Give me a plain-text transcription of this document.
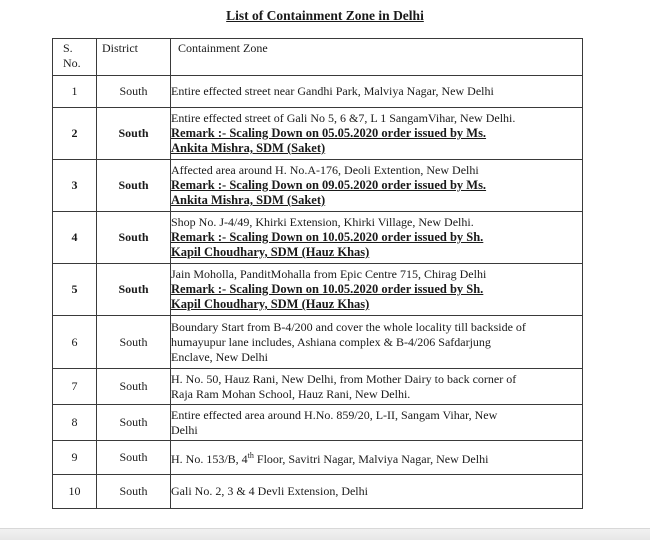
List of Containment Zone in Delhi
S.
No.	District	Containment Zone
1	South	Entire effected street near Gandhi Park, Malviya Nagar, New Delhi

2	South	Entire effected street of Gali No 5, 6 &7, L 1 SangamVihar, New Delhi.
Remark :- Scaling Down on 05.05.2020 order issued by Ms.
Ankita Mishra, SDM (Saket)

3	South	Affected area around H. No.A-176, Deoli Extention, New Delhi
Remark :- Scaling Down on 09.05.2020 order issued by Ms.
Ankita Mishra, SDM (Saket)

4	South	Shop No. J-4/49, Khirki Extension, Khirki Village, New Delhi.
Remark :- Scaling Down on 10.05.2020 order issued by Sh.
Kapil Choudhary, SDM (Hauz Khas)

5	South	Jain Moholla, PanditMohalla from Epic Centre 715, Chirag Delhi
Remark :- Scaling Down on 10.05.2020 order issued by Sh.
Kapil Choudhary, SDM (Hauz Khas)

6	South	Boundary Start from B-4/200 and cover the whole locality till backside of
humayupur lane includes, Ashiana complex & B-4/206 Safdarjung
Enclave, New Delhi

7	South	H. No. 50, Hauz Rani, New Delhi, from Mother Dairy to back corner of
Raja Ram Mohan School, Hauz Rani, New Delhi.

8	South	Entire effected area around H.No. 859/20, L-II, Sangam Vihar, New
Delhi

9	South	H. No. 153/B, 4th Floor, Savitri Nagar, Malviya Nagar, New Delhi

10	South	Gali No. 2, 3 & 4 Devli Extension, Delhi
